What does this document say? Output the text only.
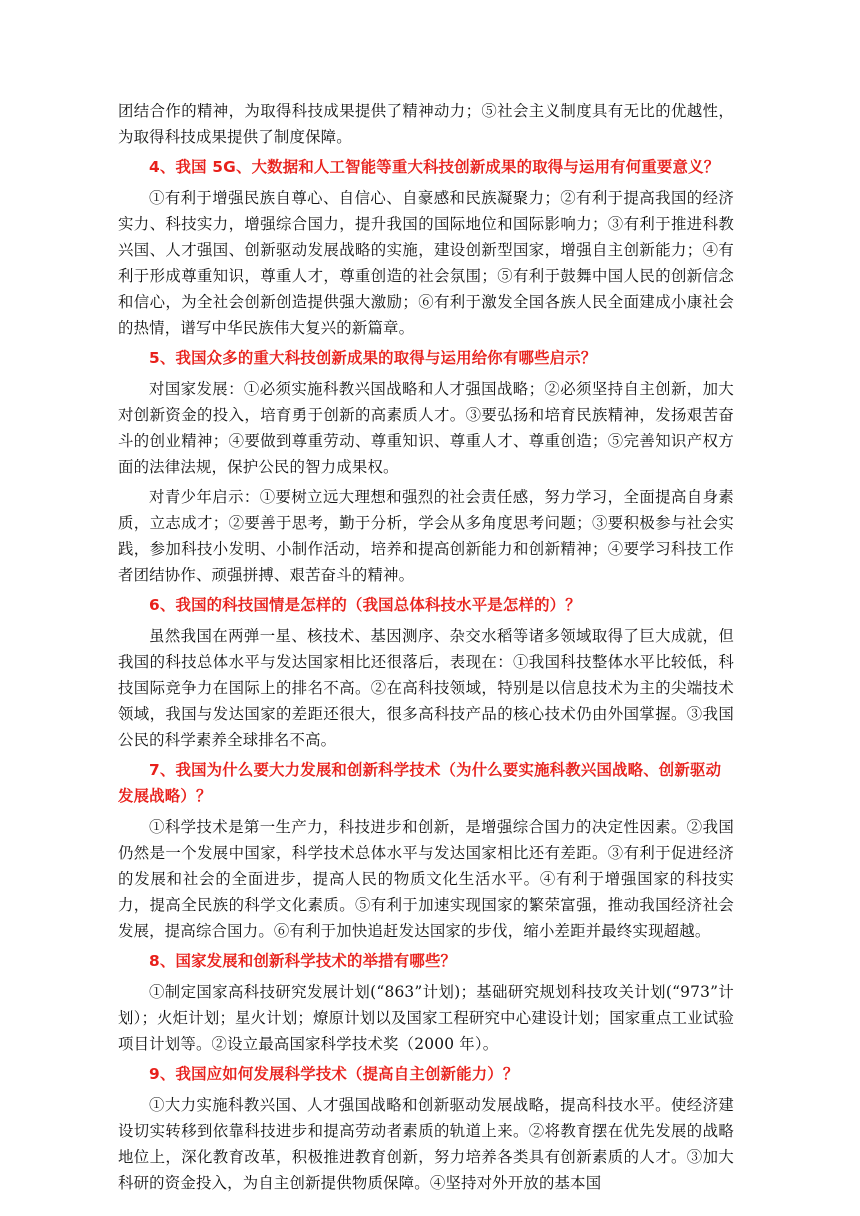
团结合作的精神，为取得科技成果提供了精神动力；⑤社会主义制度具有无比的优越性，为取得科技成果提供了制度保障。

4、我国 5G、大数据和人工智能等重大科技创新成果的取得与运用有何重要意义？

①有利于增强民族自尊心、自信心、自豪感和民族凝聚力；②有利于提高我国的经济实力、科技实力，增强综合国力，提升我国的国际地位和国际影响力；③有利于推进科教兴国、人才强国、创新驱动发展战略的实施，建设创新型国家，增强自主创新能力；④有利于形成尊重知识，尊重人才，尊重创造的社会氛围；⑤有利于鼓舞中国人民的创新信念和信心，为全社会创新创造提供强大激励；⑥有利于激发全国各族人民全面建成小康社会的热情，谱写中华民族伟大复兴的新篇章。

5、我国众多的重大科技创新成果的取得与运用给你有哪些启示？

对国家发展：①必须实施科教兴国战略和人才强国战略；②必须坚持自主创新，加大对创新资金的投入，培育勇于创新的高素质人才。③要弘扬和培育民族精神，发扬艰苦奋斗的创业精神；④要做到尊重劳动、尊重知识、尊重人才、尊重创造；⑤完善知识产权方面的法律法规，保护公民的智力成果权。

对青少年启示：①要树立远大理想和强烈的社会责任感，努力学习，全面提高自身素质，立志成才；②要善于思考，勤于分析，学会从多角度思考问题；③要积极参与社会实践，参加科技小发明、小制作活动，培养和提高创新能力和创新精神；④要学习科技工作者团结协作、顽强拼搏、艰苦奋斗的精神。

6、我国的科技国情是怎样的（我国总体科技水平是怎样的）？

虽然我国在两弹一星、核技术、基因测序、杂交水稻等诸多领域取得了巨大成就，但我国的科技总体水平与发达国家相比还很落后，表现在：①我国科技整体水平比较低，科技国际竞争力在国际上的排名不高。②在高科技领域，特别是以信息技术为主的尖端技术领域，我国与发达国家的差距还很大，很多高科技产品的核心技术仍由外国掌握。③我国公民的科学素养全球排名不高。

7、我国为什么要大力发展和创新科学技术（为什么要实施科教兴国战略、创新驱动发展战略）？

①科学技术是第一生产力，科技进步和创新，是增强综合国力的决定性因素。②我国仍然是一个发展中国家，科学技术总体水平与发达国家相比还有差距。③有利于促进经济的发展和社会的全面进步，提高人民的物质文化生活水平。④有利于增强国家的科技实力，提高全民族的科学文化素质。⑤有利于加速实现国家的繁荣富强，推动我国经济社会发展，提高综合国力。⑥有利于加快追赶发达国家的步伐，缩小差距并最终实现超越。

8、国家发展和创新科学技术的举措有哪些？

①制定国家高科技研究发展计划(“863”计划)；基础研究规划科技攻关计划(“973”计划）；火炬计划；星火计划；燎原计划以及国家工程研究中心建设计划；国家重点工业试验项目计划等。②设立最高国家科学技术奖（2000 年）。

9、我国应如何发展科学技术（提高自主创新能力）？

①大力实施科教兴国、人才强国战略和创新驱动发展战略，提高科技水平。使经济建设切实转移到依靠科技进步和提高劳动者素质的轨道上来。②将教育摆在优先发展的战略地位上，深化教育改革，积极推进教育创新，努力培养各类具有创新素质的人才。③加大科研的资金投入，为自主创新提供物质保障。④坚持对外开放的基本国
